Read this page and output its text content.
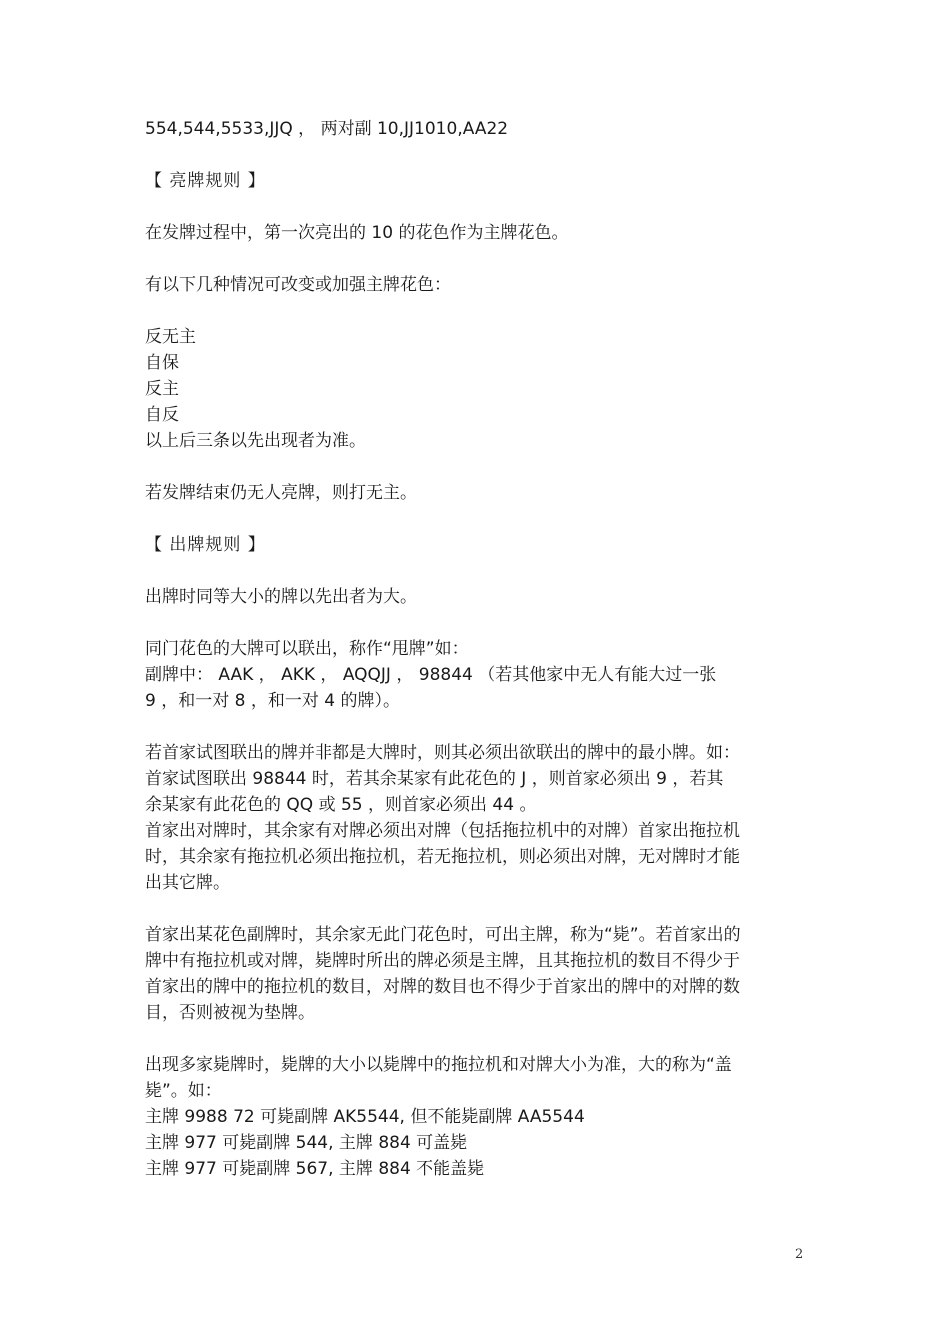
554,544,5533,JJQ ， 两对副 10,JJ1010,AA22

【 亮牌规则 】

在发牌过程中，第一次亮出的 10 的花色作为主牌花色。

有以下几种情况可改变或加强主牌花色：

反无主
自保
反主
自反
以上后三条以先出现者为准。

若发牌结束仍无人亮牌，则打无主。

【 出牌规则 】

出牌时同等大小的牌以先出者为大。

同门花色的大牌可以联出，称作“甩牌”如：
副牌中： AAK ， AKK ， AQQJJ ， 98844 （若其他家中无人有能大过一张
9 ，和一对 8 ，和一对 4 的牌）。

若首家试图联出的牌并非都是大牌时，则其必须出欲联出的牌中的最小牌。如：
首家试图联出 98844 时，若其余某家有此花色的 J ，则首家必须出 9 ，若其
余某家有此花色的 QQ 或 55 ，则首家必须出 44 。
首家出对牌时，其余家有对牌必须出对牌（包括拖拉机中的对牌）首家出拖拉机
时，其余家有拖拉机必须出拖拉机，若无拖拉机，则必须出对牌，无对牌时才能
出其它牌。

首家出某花色副牌时，其余家无此门花色时，可出主牌，称为“毙”。若首家出的
牌中有拖拉机或对牌，毙牌时所出的牌必须是主牌，且其拖拉机的数目不得少于
首家出的牌中的拖拉机的数目，对牌的数目也不得少于首家出的牌中的对牌的数
目，否则被视为垫牌。

出现多家毙牌时，毙牌的大小以毙牌中的拖拉机和对牌大小为准，大的称为“盖
毙”。如：
主牌 9988 72 可毙副牌 AK5544, 但不能毙副牌 AA5544
主牌 977 可毙副牌 544, 主牌 884 可盖毙
主牌 977 可毙副牌 567, 主牌 884 不能盖毙

2
